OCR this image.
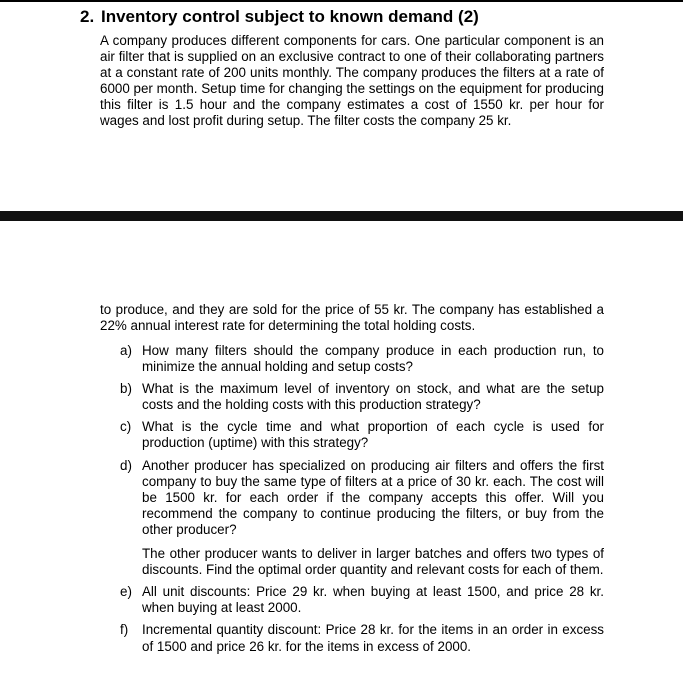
2. Inventory control subject to known demand (2)

A company produces different components for cars. One particular component is an air filter that is supplied on an exclusive contract to one of their collaborating partners at a constant rate of 200 units monthly. The company produces the filters at a rate of 6000 per month. Setup time for changing the settings on the equipment for producing this filter is 1.5 hour and the company estimates a cost of 1550 kr. per hour for wages and lost profit during setup. The filter costs the company 25 kr.

to produce, and they are sold for the price of 55 kr. The company has established a 22% annual interest rate for determining the total holding costs.

a) How many filters should the company produce in each production run, to minimize the annual holding and setup costs?
b) What is the maximum level of inventory on stock, and what are the setup costs and the holding costs with this production strategy?
c) What is the cycle time and what proportion of each cycle is used for production (uptime) with this strategy?
d) Another producer has specialized on producing air filters and offers the first company to buy the same type of filters at a price of 30 kr. each. The cost will be 1500 kr. for each order if the company accepts this offer. Will you recommend the company to continue producing the filters, or buy from the other producer?

The other producer wants to deliver in larger batches and offers two types of discounts. Find the optimal order quantity and relevant costs for each of them.

e) All unit discounts: Price 29 kr. when buying at least 1500, and price 28 kr. when buying at least 2000.
f) Incremental quantity discount: Price 28 kr. for the items in an order in excess of 1500 and price 26 kr. for the items in excess of 2000.
